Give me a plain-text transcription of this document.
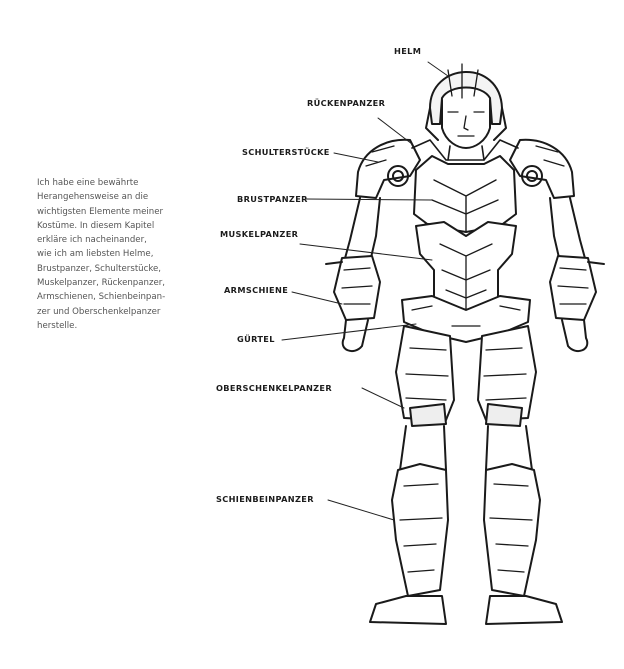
Ich habe eine bewährte
Herangehensweise an die
wichtigsten Elemente meiner
Kostüme. In diesem Kapitel
erkläre ich nacheinander,
wie ich am liebsten Helme,
Brustpanzer, Schulterstücke,
Muskelpanzer, Rückenpanzer,
Armschienen, Schienbeinpan-
zer und Oberschenkelpanzer
herstelle.
HELM
RÜCKENPANZER
SCHULTERSTÜCKE
BRUSTPANZER
MUSKELPANZER
ARMSCHIENE
GÜRTEL
OBERSCHENKELPANZER
SCHIENBEINPANZER
